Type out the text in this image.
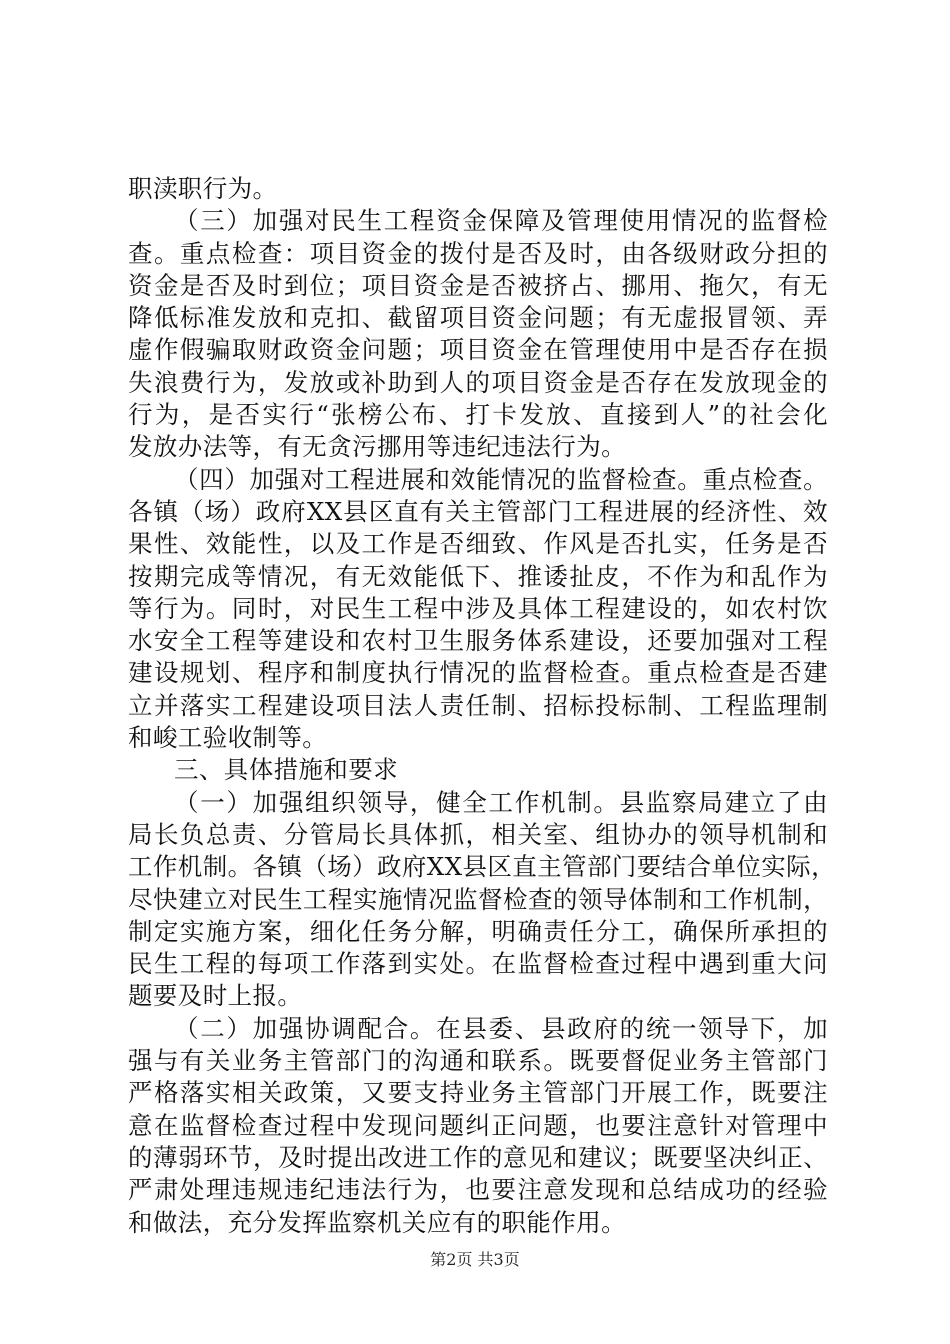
职渎职行为。
（三）加强对民生工程资金保障及管理使用情况的监督检
查。重点检查：项目资金的拨付是否及时，由各级财政分担的
资金是否及时到位；项目资金是否被挤占、挪用、拖欠，有无
降低标准发放和克扣、截留项目资金问题；有无虚报冒领、弄
虚作假骗取财政资金问题；项目资金在管理使用中是否存在损
失浪费行为，发放或补助到人的项目资金是否存在发放现金的
行为，是否实行“张榜公布、打卡发放、直接到人”的社会化
发放办法等，有无贪污挪用等违纪违法行为。
（四）加强对工程进展和效能情况的监督检查。重点检查。
各镇（场）政府XX县区直有关主管部门工程进展的经济性、效
果性、效能性，以及工作是否细致、作风是否扎实，任务是否
按期完成等情况，有无效能低下、推诿扯皮，不作为和乱作为
等行为。同时，对民生工程中涉及具体工程建设的，如农村饮
水安全工程等建设和农村卫生服务体系建设，还要加强对工程
建设规划、程序和制度执行情况的监督检查。重点检查是否建
立并落实工程建设项目法人责任制、招标投标制、工程监理制
和峻工验收制等。
三、具体措施和要求
（一）加强组织领导，健全工作机制。县监察局建立了由
局长负总责、分管局长具体抓，相关室、组协办的领导机制和
工作机制。各镇（场）政府XX县区直主管部门要结合单位实际，
尽快建立对民生工程实施情况监督检查的领导体制和工作机制，
制定实施方案，细化任务分解，明确责任分工，确保所承担的
民生工程的每项工作落到实处。在监督检查过程中遇到重大问
题要及时上报。
（二）加强协调配合。在县委、县政府的统一领导下，加
强与有关业务主管部门的沟通和联系。既要督促业务主管部门
严格落实相关政策，又要支持业务主管部门开展工作，既要注
意在监督检查过程中发现问题纠正问题，也要注意针对管理中
的薄弱环节，及时提出改进工作的意见和建议；既要坚决纠正、
严肃处理违规违纪违法行为，也要注意发现和总结成功的经验
和做法，充分发挥监察机关应有的职能作用。
第2页 共3页
